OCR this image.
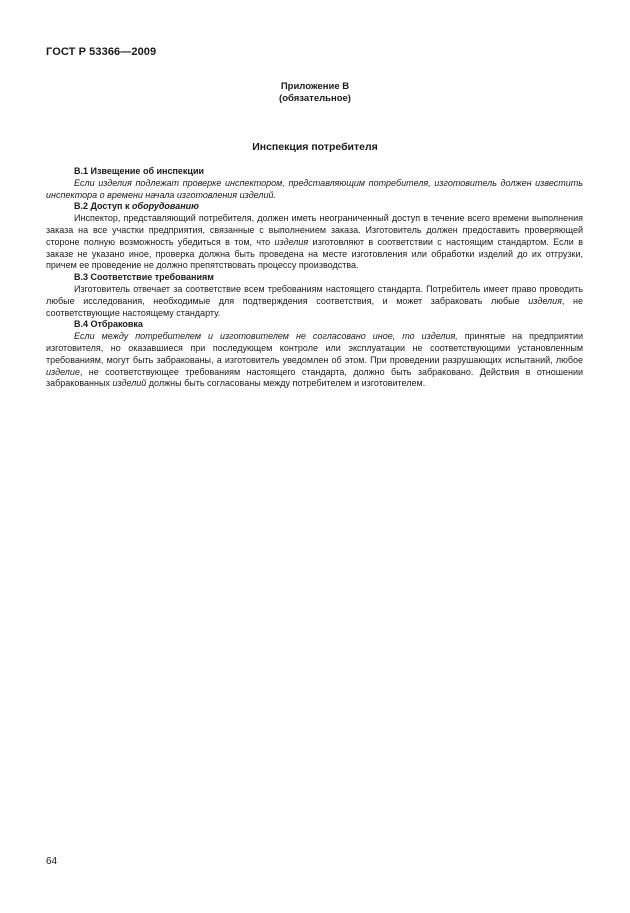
ГОСТ Р 53366—2009
Приложение В
(обязательное)
Инспекция потребителя

В.1 Извещение об инспекции

Если изделия подлежат проверке инспектором, представляющим потребителя, изготовитель должен известить инспектора о времени начала изготовления изделий.

В.2 Доступ к оборудованию

Инспектор, представляющий потребителя, должен иметь неограниченный доступ в течение всего времени выполнения заказа на все участки предприятия, связанные с выполнением заказа. Изготовитель должен предоставить проверяющей стороне полную возможность убедиться в том, что изделия изготовляют в соответствии с настоящим стандартом. Если в заказе не указано иное, проверка должна быть проведена на месте изготовления или обработки изделий до их отгрузки, причем ее проведение не должно препятствовать процессу производства.

В.3 Соответствие требованиям

Изготовитель отвечает за соответствие всем требованиям настоящего стандарта. Потребитель имеет право проводить любые исследования, необходимые для подтверждения соответствия, и может забраковать любые изделия, не соответствующие настоящему стандарту.

В.4 Отбраковка

Если между потребителем и изготовителем не согласовано иное, то изделия, принятые на предприятии изготовителя, но оказавшиеся при последующем контроле или эксплуатации не соответствующими установленным требованиям, могут быть забракованы, а изготовитель уведомлен об этом. При проведении разрушающих испытаний, любое изделие, не соответствующее требованиям настоящего стандарта, должно быть забраковано. Действия в отношении забракованных изделий должны быть согласованы между потребителем и изготовителем.

64
